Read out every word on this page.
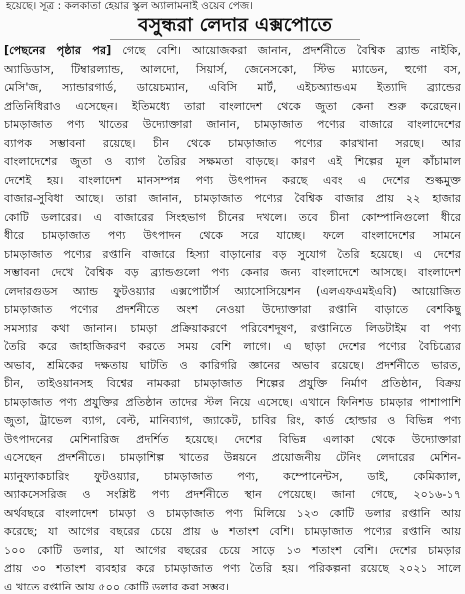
হয়েছে। সূত্র : কলকাতা হেয়ার স্কুল অ্যালামনাই ওয়েব পেজ।
বসুন্ধরা লেদার এক্সপোতে
[পেছনের পৃষ্ঠার পর] গেছে বেশি। আয়োজকরা জানান, প্রদর্শনীতে বৈশ্বিক ব্র্যান্ড নাইকি,
অ্যাডিডাস, টিম্বারল্যান্ড, আলদো, সিয়ার্স, জেনেসকো, স্টিভ ম্যাডেন, হুগো বস,
মেসি'জ, স্যান্ডারগার্ড, ডায়েচম্যান, এবিসি মার্ট, এইচঅ্যান্ডএম ইত্যাদি ব্র্যান্ডের
প্রতিনিধিরাও এসেছেন। ইতিমধ্যে তারা বাংলাদেশ থেকে জুতা কেনা শুরু করেছেন।
চামড়াজাত পণ্য খাতের উদ্যোক্তারা জানান, চামড়াজাত পণ্যের বাজারে বাংলাদেশের
ব্যাপক সম্ভাবনা রয়েছে। চীন থেকে চামড়াজাত পণ্যের কারখানা সরছে। আর
বাংলাদেশের জুতা ও ব্যাগ তৈরির সক্ষমতা বাড়ছে। কারণ এই শিল্পের মূল কাঁচামাল
দেশেই হয়। বাংলাদেশ মানসম্পন্ন পণ্য উৎপাদন করছে এবং এ দেশের শুল্কমুক্ত
বাজার-সুবিধা আছে। তারা জানান, চামড়াজাত পণ্যের বৈশ্বিক বাজার প্রায় ২২ হাজার
কোটি ডলারের। এ বাজারের সিংহভাগ চীনের দখলে। তবে চীনা কোম্পানিগুলো ধীরে
ধীরে চামড়াজাত পণ্য উৎপাদন থেকে সরে যাচ্ছে। ফলে বাংলাদেশের সামনে
চামড়াজাত পণ্যের রপ্তানি বাজারে হিস্যা বাড়ানোর বড় সুযোগ তৈরি হয়েছে। এ দেশের
সম্ভাবনা দেখে বৈশ্বিক বড় ব্র্যান্ডগুলো পণ্য কেনার জন্য বাংলাদেশে আসছে। বাংলাদেশ
লেদারগুডস অ্যান্ড ফুটওয়্যার এক্সপোর্টার্স অ্যাসোসিয়েশন (এলএফএমইএবি) আয়োজিত
চামড়াজাত পণ্যের প্রদর্শনীতে অংশ নেওয়া উদ্যোক্তারা রপ্তানি বাড়াতে বেশকিছু
সমস্যার কথা জানান। চামড়া প্রক্রিয়াকরণে পরিবেশদূষণ, রপ্তানিতে লিডটাইম বা পণ্য
তৈরি করে জাহাজিকরণ করতে সময় বেশি লাগে। এ ছাড়া দেশের পণ্যের বৈচিত্র্যের
অভাব, শ্রমিকের দক্ষতায় ঘাটতি ও কারিগরি জ্ঞানের অভাব রয়েছে। প্রদর্শনীতে ভারত,
চীন, তাইওয়ানসহ বিশ্বের নামকরা চামড়াজাত শিল্পের প্রযুক্তি নির্মাণ প্রতিষ্ঠান, বিক্রয়
চামড়াজাত পণ্য প্রযুক্তির প্রতিষ্ঠান তাদের স্টল নিয়ে এসেছে। এখানে ফিনিশড চামড়ার পাশাপাশি
জুতা, ট্রাভেল ব্যাগ, বেল্ট, মানিব্যাগ, জ্যাকেট, চাবির রিং, কার্ড হোল্ডার ও বিভিন্ন পণ্য
উৎপাদনের মেশিনারিজ প্রদর্শিত হয়েছে। দেশের বিভিন্ন এলাকা থেকে উদ্যোক্তারা
এসেছেন প্রদর্শনীতে। চামড়াশিল্প খাতের উন্নয়নে প্রয়োজনীয় টেনিং লেদারের মেশিন-
ম্যানুফ্যাকচারিং ফুটওয়্যার, চামড়াজাত পণ্য, কম্পোনেন্টস, ডাই, কেমিক্যাল,
অ্যাকসেসরিজ ও সংশ্লিষ্ট পণ্য প্রদর্শনীতে স্থান পেয়েছে। জানা গেছে, ২০১৬-১৭
অর্থবছরে বাংলাদেশ চামড়া ও চামড়াজাত পণ্য মিলিয়ে ১২৩ কোটি ডলার রপ্তানি আয়
করেছে; যা আগের বছরের চেয়ে প্রায় ৬ শতাংশ বেশি। চামড়াজাত পণ্যের রপ্তানি আয়
১০০ কোটি ডলার, যা আগের বছরের চেয়ে সাড়ে ১৩ শতাংশ বেশি। দেশের চামড়ার
প্রায় ৩০ শতাংশ ব্যবহার করে চামড়াজাত পণ্য তৈরি হয়। পরিকল্পনা রয়েছে ২০২১ সালে
এ খাতে রপ্তানি আয় ৫০০ কোটি ডলার করা সম্ভব।
